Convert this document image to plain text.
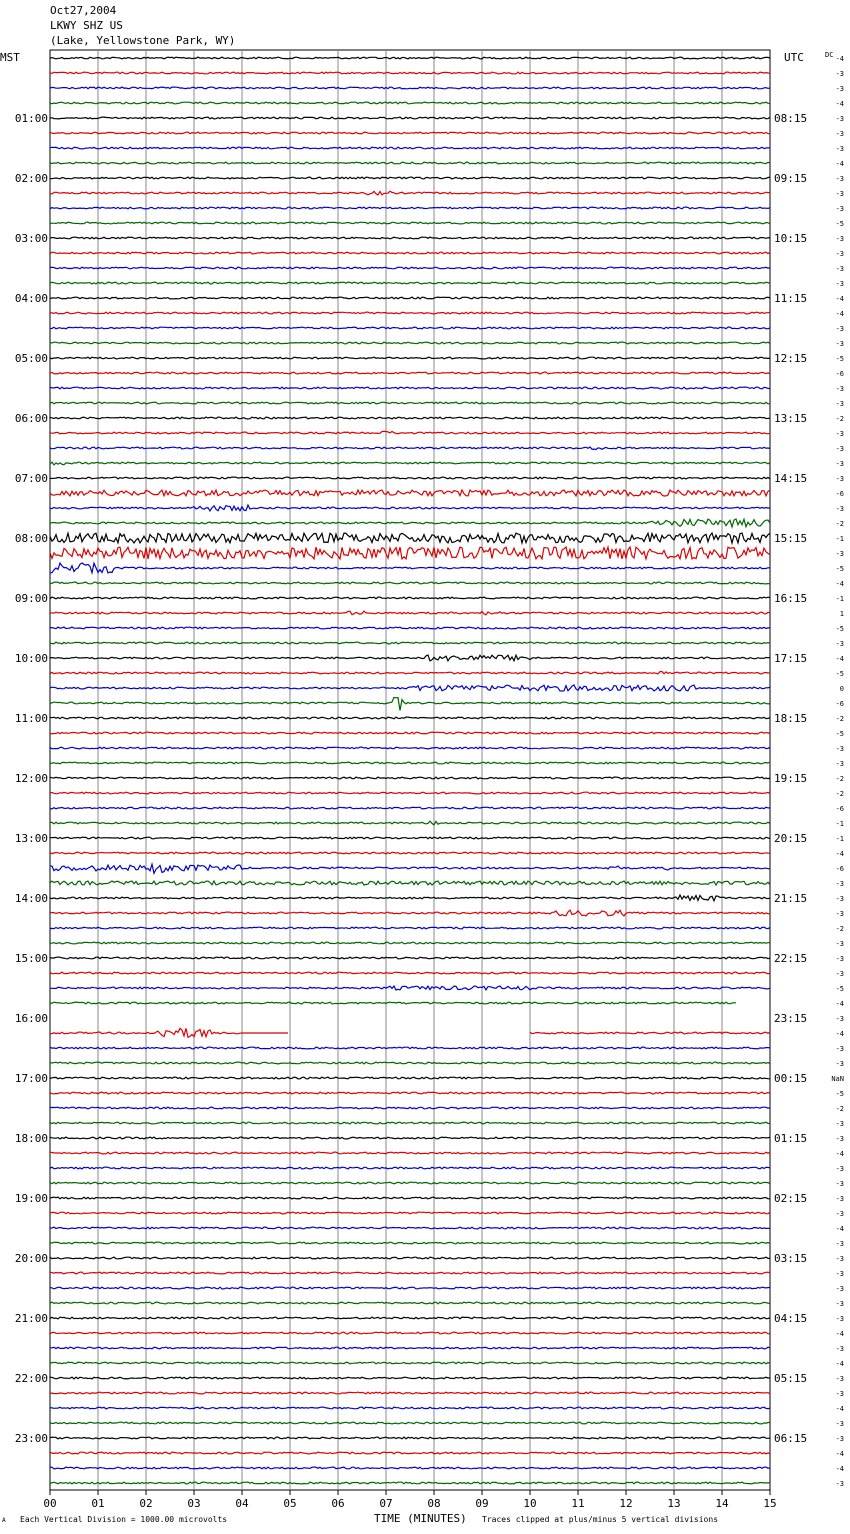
Oct27,2004
LKWY SHZ US
(Lake, Yellowstone Park, WY)
MST	UTC	DC
01:00
02:00
03:00
04:00
05:00
06:00
07:00
08:00
09:00
10:00
11:00
12:00
13:00
14:00
15:00
16:00
17:00
18:00
19:00
20:00
21:00
22:00
23:00
08:15
09:15
10:15
11:15
12:15
13:15
14:15
15:15
16:15
17:15
18:15
19:15
20:15
21:15
22:15
23:15
00:15
01:15
02:15
03:15
04:15
05:15
06:15
-4
-3
-3
-4
-3
-3
-3
-4
-3
-3
-3
-5
-3
-3
-3
-3
-4
-4
-3
-3
-5
-6
-3
-3
-2
-3
-3
-3
-3
-6
-3
-2
-1
-3
-5
-4
-1
1
-5
-3
-4
-5
0
-6
-2
-5
-3
-3
-2
-2
-6
-1
-1
-4
-6
-3
-3
-3
-2
-3
-3
-3
-5
-4
-3
-4
-3
-3
NaN
-5
-2
-3
-3
-4
-3
-3
-3
-3
-4
-3
-3
-3
-3
-3
-3
-4
-3
-4
-3
-3
-4
-3
-3
-4
-4
-3
00	01	02	03	04	05	06	07	08	09	10	11	12	13	14	15
A Each Vertical Division = 1000.00 microvolts	TIME (MINUTES) Traces clipped at plus/minus 5 vertical divisions
